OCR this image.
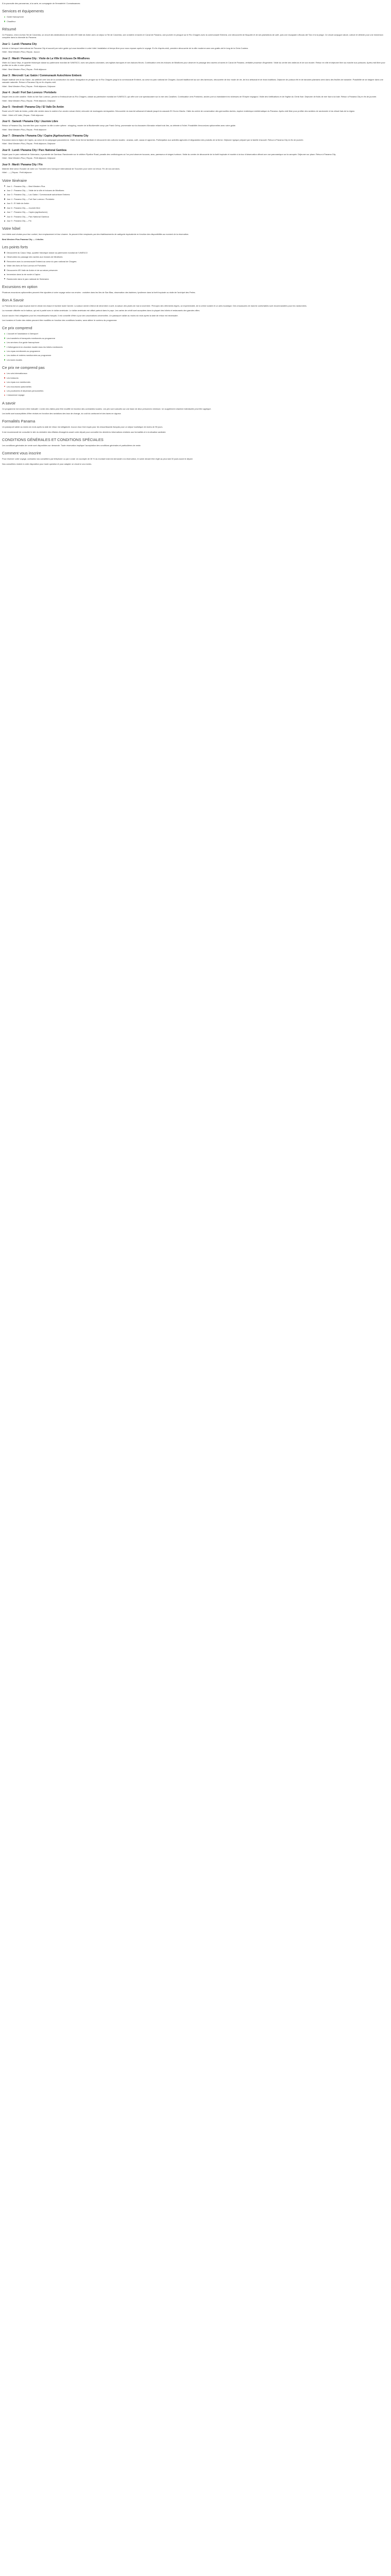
À la poursuite des panoramas, à la carte, en compagnie de l'immatériel: Connaissances

Services et équipements
Guide francophone
Chauffeur
Résumé

Ce Panama, c'est à la fois l'île de Colombia, un circuit des destinations de la ville d'El Valle de Antón avec un séjour à l'île de Colombia, une croisière à travers le Canal de Panama, une journée en pirogue sur le Río Chagres avec la communauté Emberá, une découverte de Boquete et de ses plantations de café, puis une escapade à Bocas del Toro et à la plage. Ce circuit conjugue nature, culture et détente pour une immersion complète dans la diversité du Panama.

Jour 1 : Lundi / Panama City

Arrivée à l'aéroport international de Panama City et accueil par votre guide qui vous transfère à votre hôtel. Installation et temps libre pour vous reposer après le voyage. En fin d'après-midi, première découverte de la ville moderne avec ses gratte-ciel le long de la Cinta Costera.

Hôtel : Best Western Plus | Repas : Aucun

Jour 2 : Mardi / Panama City : Visite de La Ville Et écluses De Miraflores

Visite du Casco Viejo, le quartier historique classé au patrimoine mondial de l'UNESCO, avec ses places coloniales, ses églises baroques et ses balcons fleuris. Continuation vers les écluses de Miraflores pour observer le passage des navires à travers le Canal de Panama, véritable prouesse d'ingénierie. Visite du centre des visiteurs et de son musée. Retour en ville et déjeuner libre au marché aux poissons. Après-midi libre pour profiter de la ville à votre rythme.

Hôtel : Best Western Plus | Repas : Petit déjeuner

Jour 3 : Mercredi / Lac Gatún / Communauté Autochtone Emberá

Départ matinal vers le lac Gatún, lac artificiel créé lors de la construction du canal. Navigation en pirogue sur le Río Chagres jusqu'à la communauté Emberá, au cœur du parc national de Chagres. Accueil traditionnel au son des tambours, découverte de leur mode de vie, de leur artisanat et de leurs traditions. Déjeuner de poisson frit et de bananes plantains servi dans des feuilles de bananier. Possibilité de se baigner dans une cascade naturelle. Retour à Panama City en fin d'après-midi.

Hôtel : Best Western Plus | Repas : Petit déjeuner, Déjeuner

Jour 4 : Jeudi / Fort San Lorenzo / Portobelo

Départ vers la côte caraïbe. Visite du fort San Lorenzo, perché à l'embouchure du Río Chagres, classé au patrimoine mondial de l'UNESCO, qui offre une vue spectaculaire sur la mer des Caraïbes. Continuation vers Portobelo, ancien port où transitaient les richesses de l'Empire espagnol. Visite des fortifications et de l'église du Christ Noir. Déjeuner de fruits de mer face à la baie. Retour à Panama City en fin de journée.

Hôtel : Best Western Plus | Repas : Petit déjeuner, Déjeuner

Jour 5 : Vendredi / Panama City / El Valle De Antón

Route vers El Valle de Antón, petite ville nichée dans le cratère d'un ancien volcan éteint, entourée de montagnes verdoyantes. Découverte du marché artisanal et balade jusqu'à la cascade El Chorro Macho. Visite du centre de conservation des grenouilles dorées, espèce endémique emblématique du Panama. Après-midi libre pour profiter des sentiers de randonnée et du climat frais de la région.

Hôtel : Hôtel à El Valle | Repas : Petit déjeuner

Jour 6 : Samedi / Panama City / Journée Libre

Retour à Panama City. Journée libre pour explorer la ville à votre rythme : shopping, musée de la Biodiversité conçu par Frank Gehry, promenade sur la chaussée d'Amador reliant trois îles, ou détente à l'hôtel. Possibilité d'excursions optionnelles avec votre guide.

Hôtel : Best Western Plus | Repas : Petit déjeuner

Jour 7 : Dimanche / Panama City / Capira (Agritourisme) / Panama City

Excursion dans la région de Capira, au cœur de la campagne panaméenne. Visite d'une ferme familiale et découverte des cultures locales : ananas, café, cacao et agrumes. Participation aux activités agricoles et dégustation des produits de la ferme. Déjeuner typique préparé par la famille d'accueil. Retour à Panama City en fin de journée.

Hôtel : Best Western Plus | Repas : Petit déjeuner, Déjeuner

Jour 8 : Lundi / Panama City / Parc National Gamboa

Départ pour le parc national de Soberanía, à proximité de Gamboa. Randonnée sur le célèbre Pipeline Road, paradis des ornithologues où l'on peut observer toucans, aras, paresseux et singes hurleurs. Visite du centre de découverte de la forêt tropicale et montée à la tour d'observation offrant une vue panoramique sur la canopée. Déjeuner sur place. Retour à Panama City.

Hôtel : Best Western Plus | Repas : Petit déjeuner, Déjeuner

Jour 9 : Mardi / Panama City / Fin

Matinée libre selon l'horaire de votre vol. Transfert vers l'aéroport international de Tocumen pour votre vol retour. Fin de nos services.

Hôtel : — | Repas : Petit déjeuner

Votre Itinéraire
Jour 1 : Panama City — Best Western Plus
Jour 2 : Panama City — Visite de la ville et écluses de Miraflores
Jour 3 : Panama City — Lac Gatún / Communauté autochtone Emberá
Jour 4 : Panama City — Fort San Lorenzo / Portobelo
Jour 5 : El Valle de Antón
Jour 6 : Panama City — Journée libre
Jour 7 : Panama City — Capira (agritourisme)
Jour 8 : Panama City — Parc National Gamboa
Jour 9 : Panama City — Fin
Votre hôtel

Les hôtels sont choisis pour leur confort, leur emplacement et leur charme. Ils peuvent être remplacés par des établissements de catégorie équivalente en fonction des disponibilités au moment de la réservation.

Best Western Plus Panama City — 4 étoiles

Les points forts
Découverte du Casco Viejo, quartier historique classé au patrimoine mondial de l'UNESCO
Observation du passage des navires aux écluses de Miraflores
Rencontre avec la communauté Emberá au cœur du parc national de Chagres
Visite des forts de San Lorenzo et Portobelo
Découverte d'El Valle de Antón et de sa nature préservée
Immersion dans la vie rurale à Capira
Randonnée dans le parc national de Soberanía
Excursions en option

Plusieurs excursions optionnelles peuvent être ajoutées à votre voyage selon vos envies : croisière dans les îles de San Blas, observation des baleines, tyrolienne dans la forêt tropicale ou visite de l'archipel des Perles.

Bon A Savoir

Le Panama est un pays tropical dont le climat est chaud et humide toute l'année. La saison sèche s'étend de décembre à avril, la saison des pluies de mai à novembre. Prévoyez des vêtements légers, un imperméable, de la crème solaire et un anti-moustique. Des chaussures de marche confortables sont recommandées pour les randonnées.

La monnaie officielle est le balboa, qui est à parité avec le dollar américain. Le dollar américain est utilisé partout dans le pays. Les cartes de crédit sont acceptées dans la plupart des hôtels et restaurants des grandes villes.

Aucun vaccin n'est obligatoire pour les ressortissants français. Il est conseillé d'être à jour des vaccinations universelles. Un passeport valide au moins six mois après la date de retour est nécessaire.

Les horaires et l'ordre des visites peuvent être modifiés en fonction des conditions locales, sans altérer le contenu du programme.

Ce prix comprend
L'accueil et l'assistance à l'aéroport
Les transferts et transports mentionnés au programme
Les services d'un guide francophone
L'hébergement en chambre double dans les hôtels mentionnés
Les repas mentionnés au programme
Les visites et entrées mentionnées au programme
Les taxes locales
Ce prix ne comprend pas
Les vols internationaux
Les boissons
Les repas non mentionnés
Les excursions optionnelles
Les pourboires et dépenses personnelles
L'assurance voyage
A savoir

Ce programme est donné à titre indicatif. L'ordre des visites peut être modifié en fonction des contraintes locales. Les prix sont calculés sur une base de deux personnes minimum. Un supplément chambre individuelle peut être appliqué.

Les tarifs sont susceptibles d'être révisés en fonction des variations des taux de change, du coût du carburant et des taxes en vigueur.

Formalités Panama

Un passeport valide au moins six mois après la date de retour est obligatoire. Aucun visa n'est requis pour les ressortissants français pour un séjour touristique de moins de 90 jours.

Il est recommandé de consulter le site du ministère des Affaires étrangères avant votre départ pour connaître les dernières informations relatives aux formalités et à la situation sanitaire.

CONDITIONS GÉNÉRALES ET CONDITIONS SPÉCIALES

Les conditions générales de vente sont disponibles sur demande. Toute réservation implique l'acceptation des conditions générales et particulières de vente.

Comment vous inscrire

Pour réserver votre voyage, contactez nos conseillers par téléphone ou par e-mail. Un acompte de 30 % du montant total est demandé à la réservation, le solde devant être réglé au plus tard 30 jours avant le départ.

Nos conseillers restent à votre disposition pour toute question et pour adapter ce circuit à vos envies.
